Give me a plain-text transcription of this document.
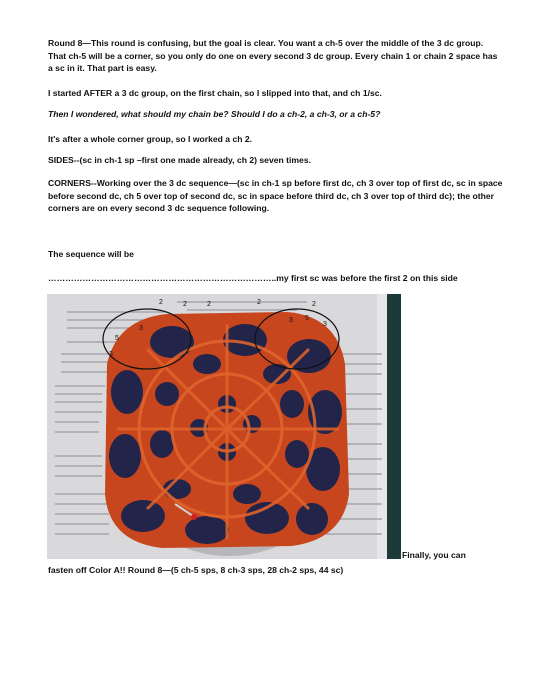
Round 8—This round is confusing, but the goal is clear. You want a ch-5 over the middle of the 3 dc group. That ch-5 will be a corner, so you only do one on every second 3 dc group. Every chain 1 or chain 2 space has a sc in it. That part is easy.

I started AFTER a 3 dc group, on the first chain, so I slipped into that, and ch 1/sc.

Then I wondered, what should my chain be? Should I do a ch-2, a ch-3, or a ch-5?

It's after a whole corner group, so I worked a ch 2.

SIDES--(sc in ch-1 sp –first one made already, ch 2) seven times.

CORNERS--Working over the 3 dc sequence—(sc in ch-1 sp before first dc, ch 3 over top of first dc, sc in space before second dc, ch 5 over top of second dc, sc in space before third dc, ch 3 over top of third dc); the other corners are on every second 3 dc sequence following.

The sequence will be

……………………………………………………………………..my first sc was before the first 2 on this side

2	2	2	2	2
3 5
3
3
5
3

Finally, you can

fasten off Color A!! Round 8—(5 ch-5 sps, 8 ch-3 sps, 28 ch-2 sps, 44 sc)
